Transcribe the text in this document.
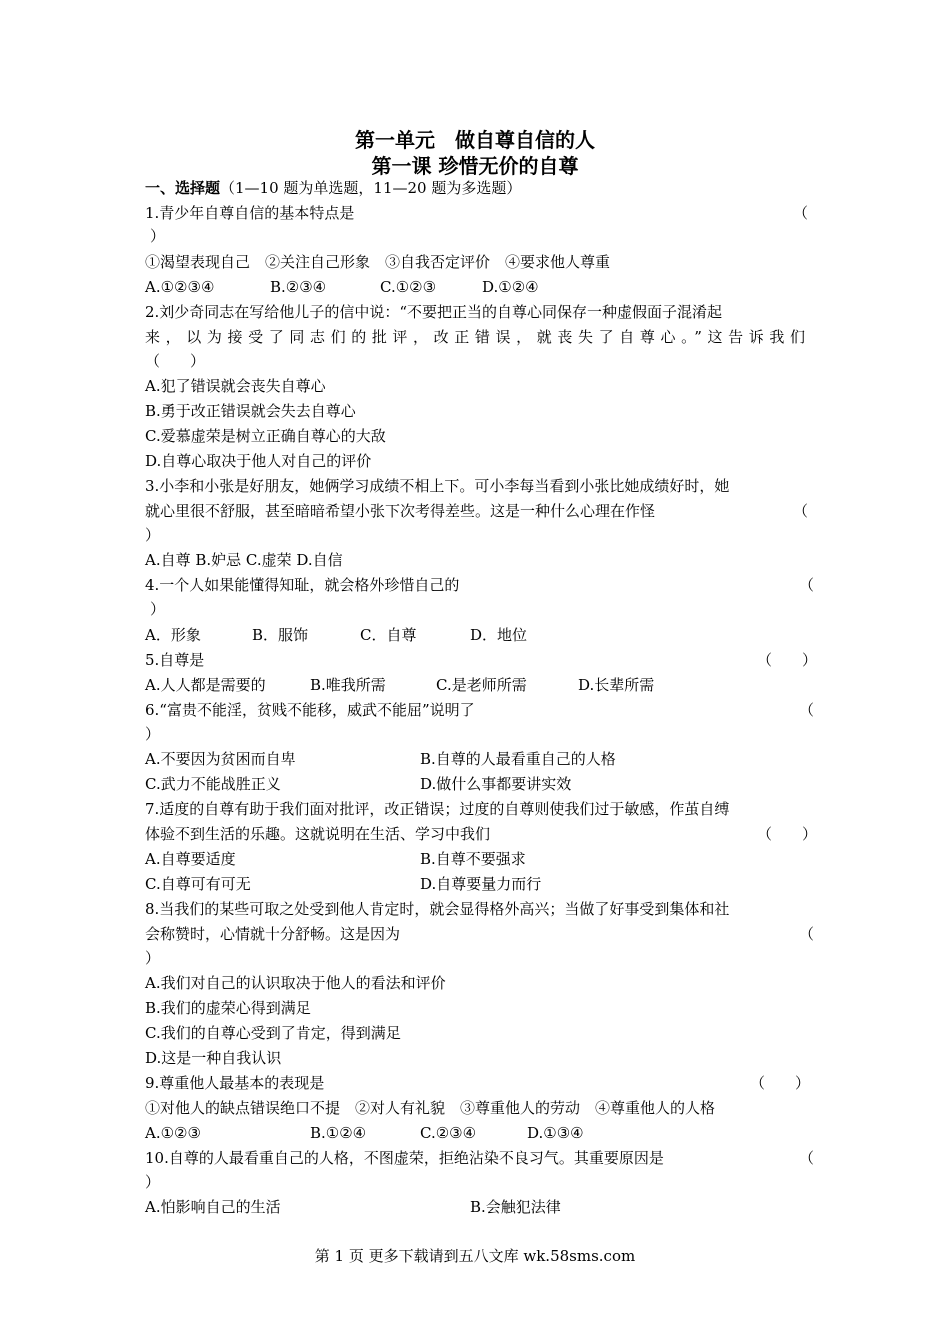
第一单元　做自尊自信的人
第一课 珍惜无价的自尊
一、选择题（1—10 题为单选题，11—20 题为多选题）
1.青少年自尊自信的基本特点是	（
）
①渴望表现自己　②关注自己形象　③自我否定评价　④要求他人尊重
A.①②③④	B.②③④	C.①②③	D.①②④
2.刘少奇同志在写给他儿子的信中说：“不要把正当的自尊心同保存一种虚假面子混淆起
来，以为接受了同志们的批评，改正错误，就丧失了自尊心。”这告诉我们
（　　）
A.犯了错误就会丧失自尊心
B.勇于改正错误就会失去自尊心
C.爱慕虚荣是树立正确自尊心的大敌
D.自尊心取决于他人对自己的评价
3.小李和小张是好朋友，她俩学习成绩不相上下。可小李每当看到小张比她成绩好时，她
就心里很不舒服，甚至暗暗希望小张下次考得差些。这是一种什么心理在作怪	（
）
A.自尊 B.妒忌 C.虚荣 D.自信
4.一个人如果能懂得知耻，就会格外珍惜自己的	（
）
A．形象	B．服饰	C．自尊	D．地位
5.自尊是	（　　）
A.人人都是需要的	B.唯我所需	C.是老师所需	D.长辈所需
6.“富贵不能淫，贫贱不能移，威武不能屈”说明了	（
）
A.不要因为贫困而自卑	B.自尊的人最看重自己的人格
C.武力不能战胜正义	D.做什么事都要讲实效
7.适度的自尊有助于我们面对批评，改正错误；过度的自尊则使我们过于敏感，作茧自缚
体验不到生活的乐趣。这就说明在生活、学习中我们	（　　）
A.自尊要适度	B.自尊不要强求
C.自尊可有可无	D.自尊要量力而行
8.当我们的某些可取之处受到他人肯定时，就会显得格外高兴；当做了好事受到集体和社
会称赞时，心情就十分舒畅。这是因为	（
）
A.我们对自己的认识取决于他人的看法和评价
B.我们的虚荣心得到满足
C.我们的自尊心受到了肯定，得到满足
D.这是一种自我认识
9.尊重他人最基本的表现是	（　　）
①对他人的缺点错误绝口不提　②对人有礼貌　③尊重他人的劳动　④尊重他人的人格
A.①②③	B.①②④	C.②③④	D.①③④
10.自尊的人最看重自己的人格，不图虚荣，拒绝沾染不良习气。其重要原因是	（
）
A.怕影响自己的生活	B.会触犯法律
第 1 页 更多下载请到五八文库 wk.58sms.com
